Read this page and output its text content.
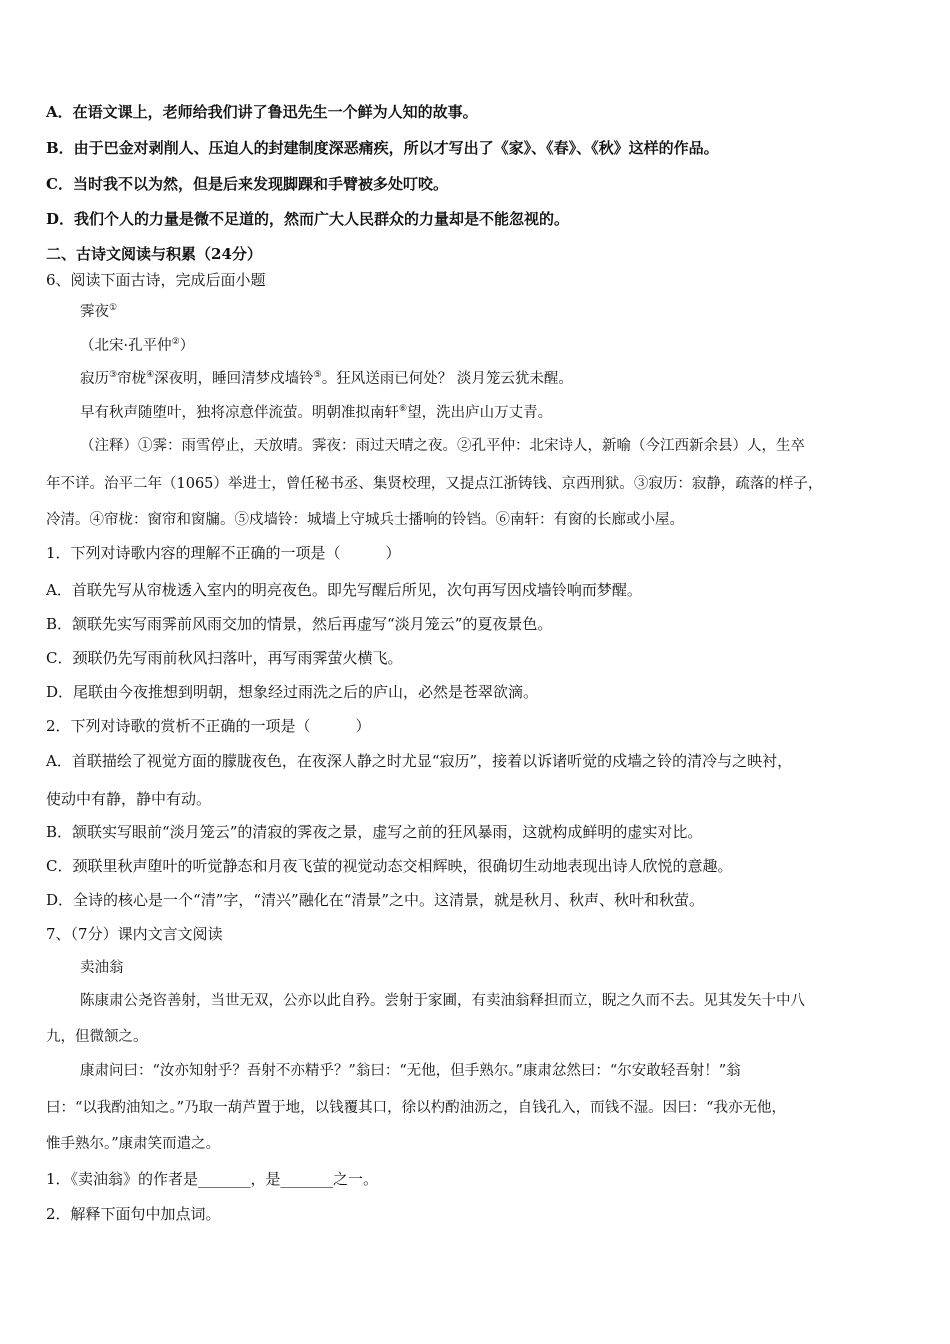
A．在语文课上，老师给我们讲了鲁迅先生一个鲜为人知的故事。
B．由于巴金对剥削人、压迫人的封建制度深恶痛疾，所以才写出了《家》、《春》、《秋》这样的作品。
C．当时我不以为然，但是后来发现脚踝和手臂被多处叮咬。
D．我们个人的力量是微不足道的，然而广大人民群众的力量却是不能忽视的。
二、古诗文阅读与积累（24分）
6、阅读下面古诗，完成后面小题
霁夜①
（北宋·孔平仲②）
寂历③帘栊④深夜明，睡回清梦戍墙铃⑤。狂风送雨已何处？ 淡月笼云犹未醒。
早有秋声随堕叶，独将凉意伴流萤。明朝准拟南轩⑥望，洗出庐山万丈青。
（注释）①霁：雨雪停止，天放晴。霁夜：雨过天晴之夜。②孔平仲：北宋诗人，新喻（今江西新余县）人，生卒
年不详。治平二年（1065）举进士，曾任秘书丞、集贤校理，又提点江浙铸钱、京西刑狱。③寂历：寂静，疏落的样子，
冷清。④帘栊：窗帘和窗牖。⑤戍墙铃：城墙上守城兵士播响的铃铛。⑥南轩：有窗的长廊或小屋。
1．下列对诗歌内容的理解不正确的一项是（　　　）
A．首联先写从帘栊透入室内的明亮夜色。即先写醒后所见，次句再写因戍墙铃响而梦醒。
B．颔联先实写雨霁前风雨交加的情景，然后再虚写“淡月笼云”的夏夜景色。
C．颈联仍先写雨前秋风扫落叶，再写雨霁萤火横飞。
D．尾联由今夜推想到明朝，想象经过雨洗之后的庐山，必然是苍翠欲滴。
2．下列对诗歌的赏析不正确的一项是（　　　）
A．首联描绘了视觉方面的朦胧夜色，在夜深人静之时尤显“寂历”，接着以诉诸听觉的戍墙之铃的清冷与之映衬，
使动中有静，静中有动。
B．颔联实写眼前“淡月笼云”的清寂的霁夜之景，虚写之前的狂风暴雨，这就构成鲜明的虚实对比。
C．颈联里秋声堕叶的听觉静态和月夜飞萤的视觉动态交相辉映，很确切生动地表现出诗人欣悦的意趣。
D．全诗的核心是一个“清”字，“清兴”融化在“清景”之中。这清景，就是秋月、秋声、秋叶和秋萤。
7、（7分）课内文言文阅读
卖油翁
陈康肃公尧咨善射，当世无双，公亦以此自矜。尝射于家圃，有卖油翁释担而立，睨之久而不去。见其发矢十中八
九，但微颔之。
康肃问曰：“汝亦知射乎？吾射不亦精乎？”翁曰：“无他，但手熟尔。”康肃忿然曰：“尔安敢轻吾射！”翁
曰：“以我酌油知之。”乃取一葫芦置于地，以钱覆其口，徐以杓酌油沥之，自钱孔入，而钱不湿。因曰：“我亦无他，
惟手熟尔。”康肃笑而遣之。
1．《卖油翁》的作者是_______，是_______之一。
2．解释下面句中加点词。
